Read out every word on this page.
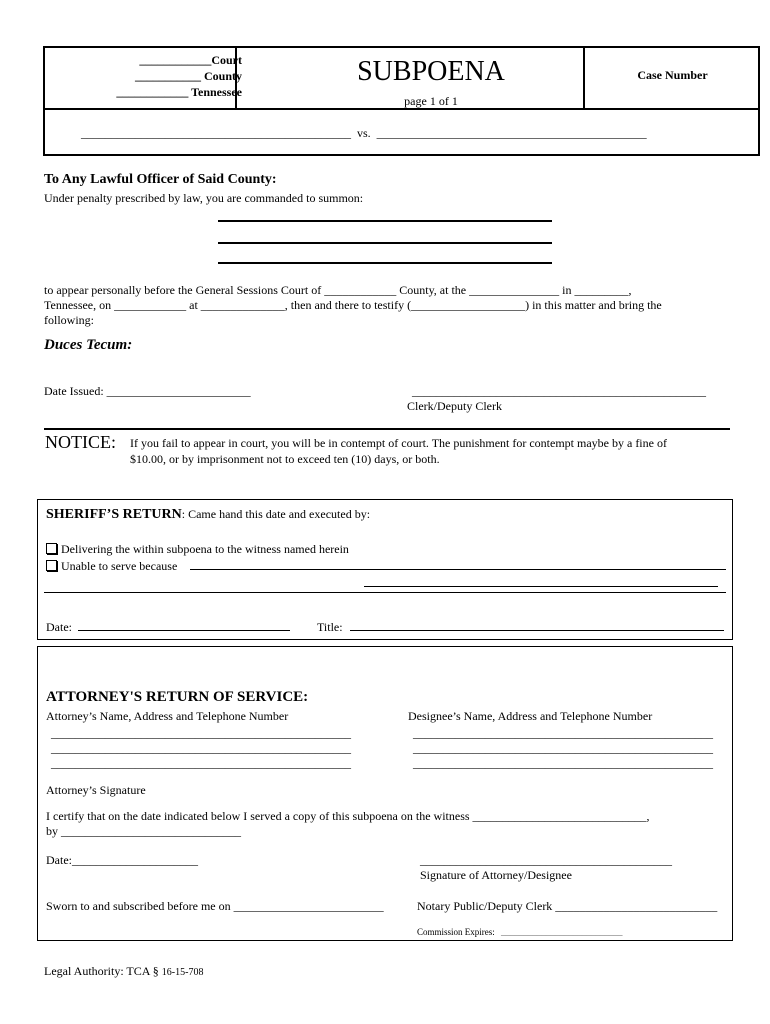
____________Court
___________ County
____________ Tennessee
SUBPOENA
page 1 of 1
Case Number
_____________________________________________  vs.  _____________________________________________
To Any Lawful Officer of Said County:
Under penalty prescribed by law, you are commanded to summon:
to appear personally before the General Sessions Court of ____________ County, at the _______________ in _________,
Tennessee, on ____________ at ______________, then and there to testify (___________________) in this matter and bring the
following:
Duces Tecum:
Date Issued: ________________________	_________________________________________________
Clerk/Deputy Clerk
NOTICE: If you fail to appear in court, you will be in contempt of court. The punishment for contempt maybe by a fine of
$10.00, or by imprisonment not to exceed ten (10) days, or both.
SHERIFF’S RETURN: Came hand this date and executed by:
Delivering the within subpoena to the witness named herein
Unable to serve because
Date:	Title:
ATTORNEY'S RETURN OF SERVICE:
Attorney’s Name, Address and Telephone Number	Designee’s Name, Address and Telephone Number
__________________________________________________
__________________________________________________
__________________________________________________
__________________________________________________
__________________________________________________
__________________________________________________
Attorney’s Signature
I certify that on the date indicated below I served a copy of this subpoena on the witness _____________________________,
by ______________________________
Date:_____________________	__________________________________________
Signature of Attorney/Designee
Sworn to and subscribed before me on _________________________	Notary Public/Deputy Clerk ___________________________
Commission Expires: ___________________________
Legal Authority: TCA § 16-15-708
